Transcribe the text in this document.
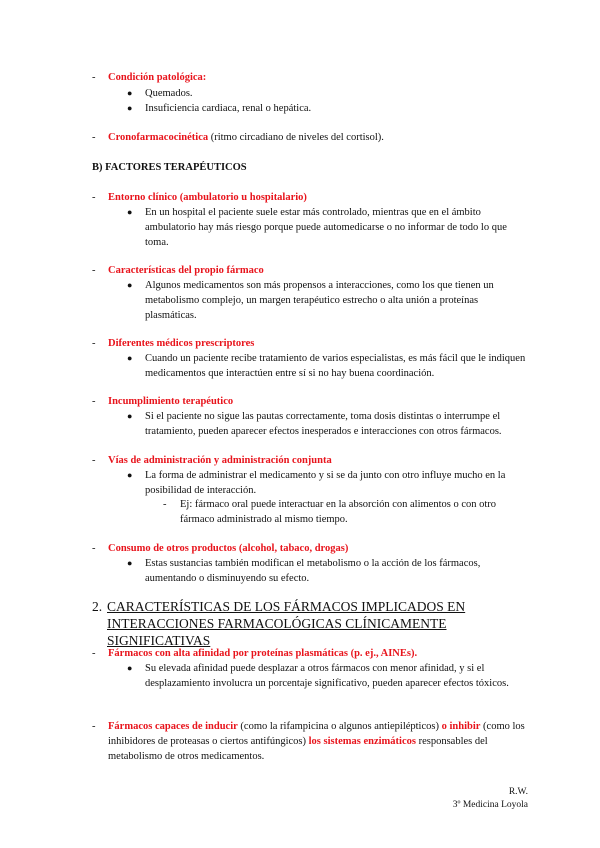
- Condición patológica:
● Quemados.
● Insuficiencia cardiaca, renal o hepática.
- Cronofarmacocinética (ritmo circadiano de niveles del cortisol).
B) FACTORES TERAPÉUTICOS
- Entorno clínico (ambulatorio u hospitalario)
● En un hospital el paciente suele estar más controlado, mientras que en el ámbito ambulatorio hay más riesgo porque puede automedicarse o no informar de todo lo que toma.
- Características del propio fármaco
● Algunos medicamentos son más propensos a interacciones, como los que tienen un metabolismo complejo, un margen terapéutico estrecho o alta unión a proteínas plasmáticas.
- Diferentes médicos prescriptores
● Cuando un paciente recibe tratamiento de varios especialistas, es más fácil que le indiquen medicamentos que interactúen entre sí si no hay buena coordinación.
- Incumplimiento terapéutico
● Si el paciente no sigue las pautas correctamente, toma dosis distintas o interrumpe el tratamiento, pueden aparecer efectos inesperados e interacciones con otros fármacos.
- Vías de administración y administración conjunta
● La forma de administrar el medicamento y si se da junto con otro influye mucho en la posibilidad de interacción.
- Ej: fármaco oral puede interactuar en la absorción con alimentos o con otro fármaco administrado al mismo tiempo.
- Consumo de otros productos (alcohol, tabaco, drogas)
● Estas sustancias también modifican el metabolismo o la acción de los fármacos, aumentando o disminuyendo su efecto.
2. CARACTERÍSTICAS DE LOS FÁRMACOS IMPLICADOS EN INTERACCIONES FARMACOLÓGICAS CLÍNICAMENTE SIGNIFICATIVAS
- Fármacos con alta afinidad por proteínas plasmáticas (p. ej., AINEs).
● Su elevada afinidad puede desplazar a otros fármacos con menor afinidad, y si el desplazamiento involucra un porcentaje significativo, pueden aparecer efectos tóxicos.
- Fármacos capaces de inducir (como la rifampicina o algunos antiepilépticos) o inhibir (como los inhibidores de proteasas o ciertos antifúngicos) los sistemas enzimáticos responsables del metabolismo de otros medicamentos.
R.W.
3º Medicina Loyola
